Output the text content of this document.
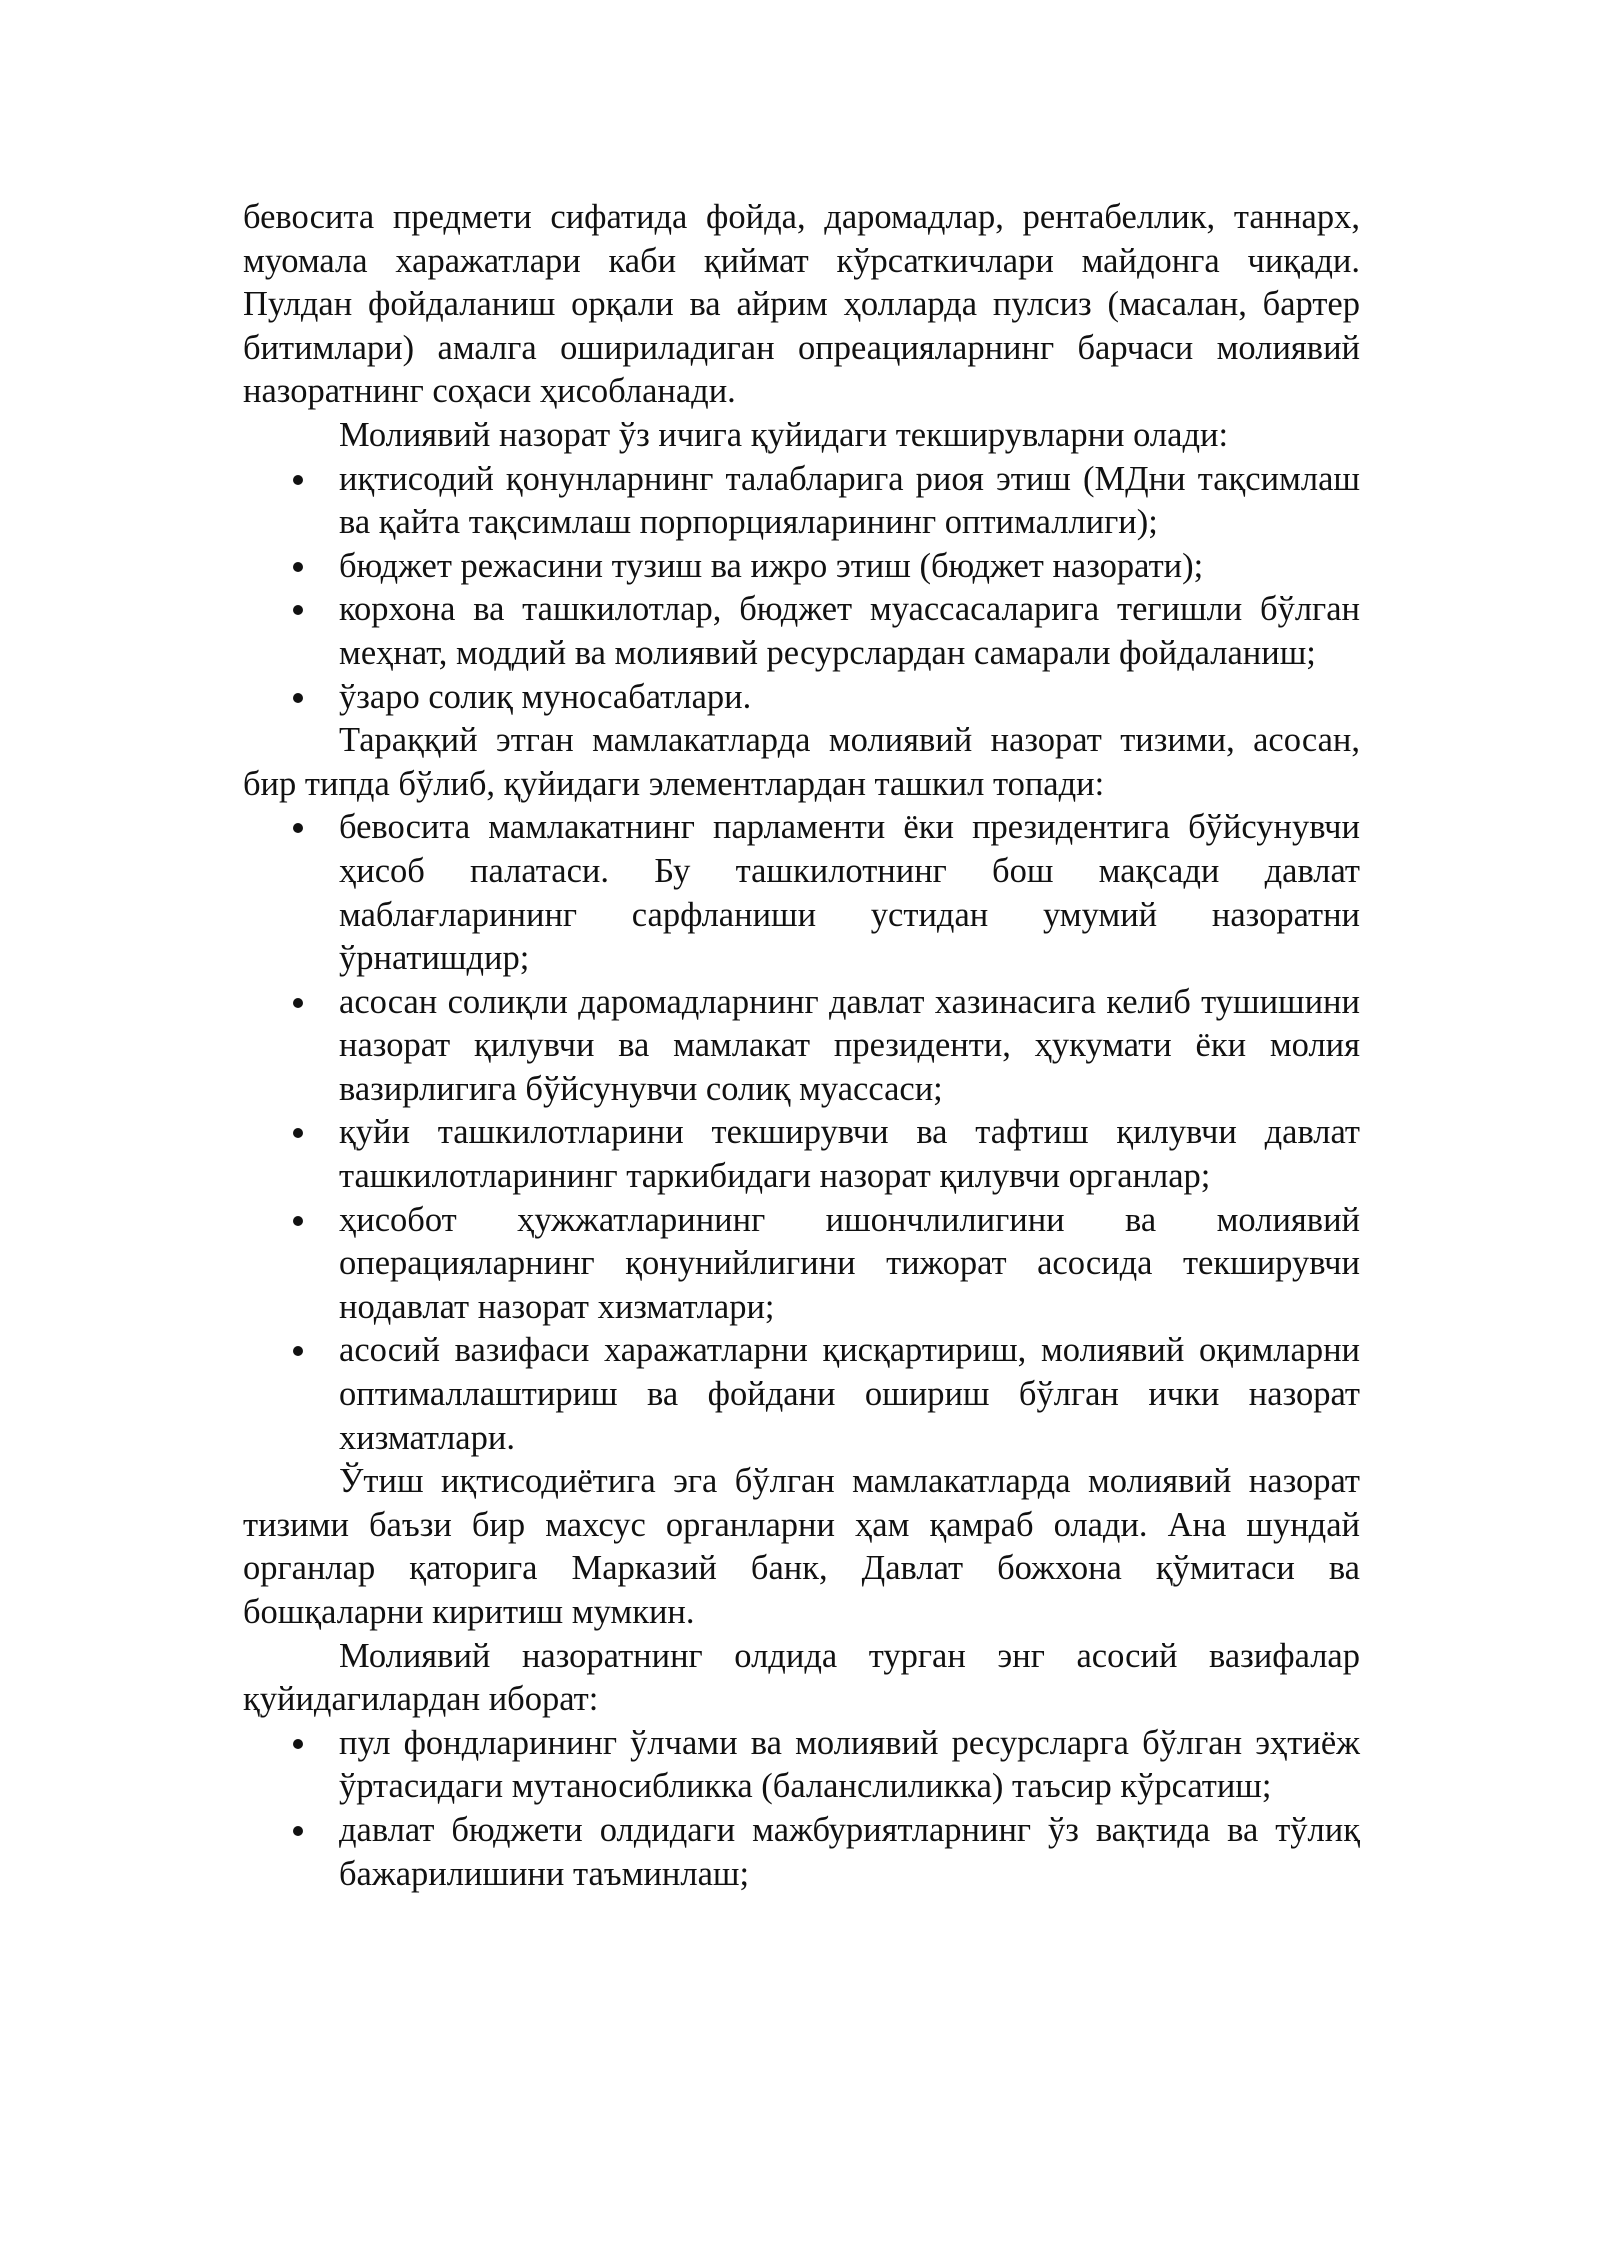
бевосита предмети сифатида фойда, даромадлар, рентабеллик, таннарх, муомала харажатлари каби қиймат кўрсаткичлари майдонга чиқади. Пулдан фойдаланиш орқали ва айрим ҳолларда пулсиз (масалан, бартер битимлари) амалга ошириладиган опреацияларнинг барчаси молиявий назоратнинг соҳаси ҳисобланади.

Молиявий назорат ўз ичига қуйидаги текширувларни олади:

иқтисодий қонунларнинг талабларига риоя этиш (МДни тақсимлаш ва қайта тақсимлаш порпорцияларининг оптималлиги);
бюджет режасини тузиш ва ижро этиш (бюджет назорати);
корхона ва ташкилотлар, бюджет муассасаларига тегишли бўлган меҳнат, моддий ва молиявий ресурслардан самарали фойдаланиш;
ўзаро солиқ муносабатлари.

Тараққий этган мамлакатларда молиявий назорат тизими, асосан, бир типда бўлиб, қуйидаги элементлардан ташкил топади:

бевосита мамлакатнинг парламенти ёки президентига бўйсунувчи ҳисоб палатаси. Бу ташкилотнинг бош мақсади давлат маблағларининг сарфланиши устидан умумий назоратни ўрнатишдир;
асосан солиқли даромадларнинг давлат хазинасига келиб тушишини назорат қилувчи ва мамлакат президенти, ҳукумати ёки молия вазирлигига бўйсунувчи солиқ муассаси;
қуйи ташкилотларини текширувчи ва тафтиш қилувчи давлат ташкилотларининг таркибидаги назорат қилувчи органлар;
ҳисобот ҳужжатларининг ишончлилигини ва молиявий операцияларнинг қонунийлигини тижорат асосида текширувчи нодавлат назорат хизматлари;
асосий вазифаси харажатларни қисқартириш, молиявий оқимларни оптималлаштириш ва фойдани ошириш бўлган ички назорат хизматлари.

Ўтиш иқтисодиётига эга бўлган мамлакатларда молиявий назорат тизими баъзи бир махсус органларни ҳам қамраб олади. Ана шундай органлар қаторига Марказий банк, Давлат божхона қўмитаси ва бошқаларни киритиш мумкин.

Молиявий назоратнинг олдида турган энг асосий вазифалар қуйидагилардан иборат:

пул фондларининг ўлчами ва молиявий ресурсларга бўлган эҳтиёж ўртасидаги мутаносибликка (баланслиликка) таъсир кўрсатиш;
давлат бюджети олдидаги мажбуриятларнинг ўз вақтида ва тўлиқ бажарилишини таъминлаш;
